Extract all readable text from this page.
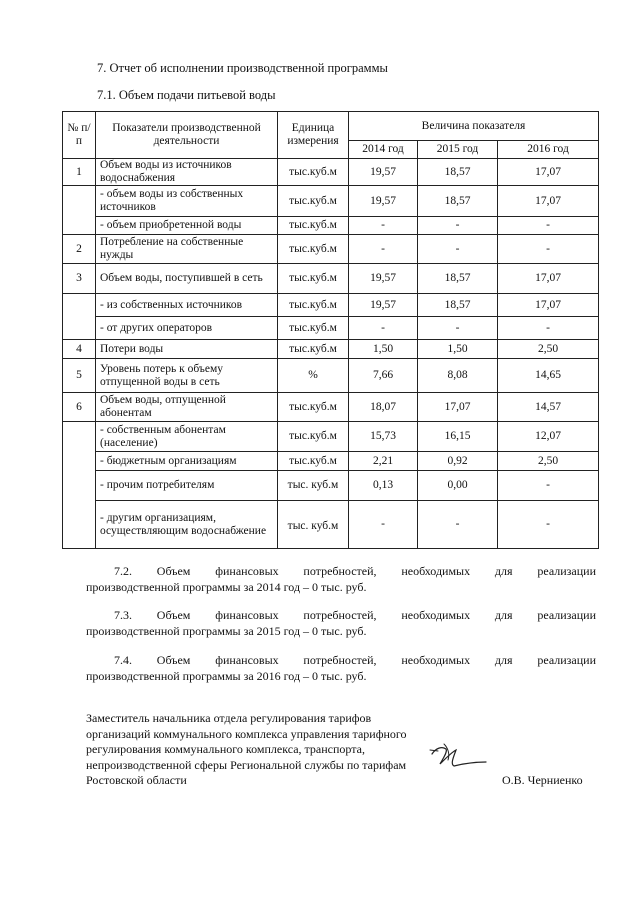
7. Отчет об исполнении производственной программы
7.1. Объем подачи питьевой воды
№ п/п	Показатели производственной деятельности	Единица измерения	Величина показателя		
			2014 год	2015 год	2016 год
1	Объем воды из источников водоснабжения	тыс.куб.м	19,57	18,57	17,07
	- объем воды из собственных источников	тыс.куб.м	19,57	18,57	17,07
	- объем приобретенной воды	тыс.куб.м	-	-	-
2	Потребление на собственные нужды	тыс.куб.м	-	-	-
3	Объем воды, поступившей в сеть	тыс.куб.м	19,57	18,57	17,07
	- из собственных источников	тыс.куб.м	19,57	18,57	17,07
	- от других операторов	тыс.куб.м	-	-	-
4	Потери воды	тыс.куб.м	1,50	1,50	2,50
5	Уровень потерь к объему отпущенной воды в сеть	%	7,66	8,08	14,65
6	Объем воды, отпущенной абонентам	тыс.куб.м	18,07	17,07	14,57
	- собственным абонентам (население)	тыс.куб.м	15,73	16,15	12,07
	- бюджетным организациям	тыс.куб.м	2,21	0,92	2,50
	- прочим потребителям	тыс. куб.м	0,13	0,00	-
	- другим организациям, осуществляющим водоснабжение	тыс. куб.м	-	-	-
7.2. Объем финансовых потребностей, необходимых для реализации
производственной программы за 2014 год – 0 тыс. руб.
7.3. Объем финансовых потребностей, необходимых для реализации
производственной программы за 2015 год – 0 тыс. руб.
7.4. Объем финансовых потребностей, необходимых для реализации
производственной программы за 2016 год – 0 тыс. руб.
Заместитель начальника отдела регулирования тарифов
организаций коммунального комплекса управления тарифного
регулирования коммунального комплекса, транспорта,
непроизводственной сферы Региональной службы по тарифам
Ростовской области	О.В. Черниенко
